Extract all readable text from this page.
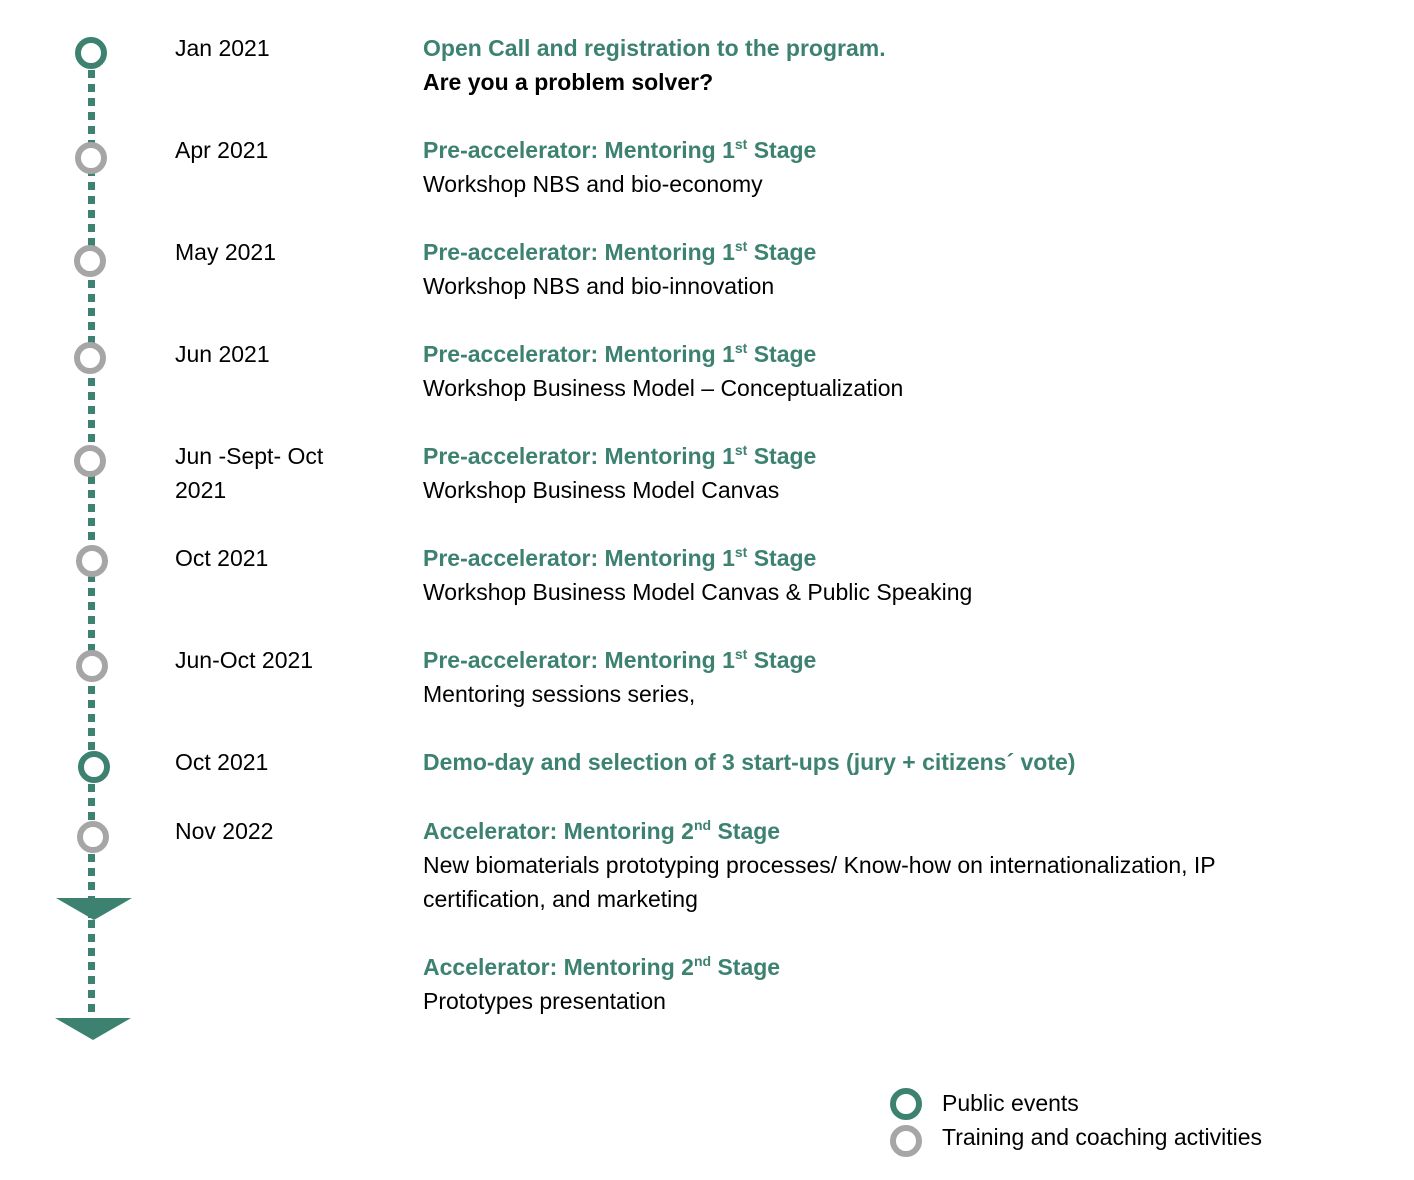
Jan 2021
Apr 2021
May 2021
Jun 2021
Jun -Sept- Oct 2021
Oct 2021
Jun-Oct 2021
Oct 2021
Nov 2022
Open Call and registration to the program.
Are you a problem solver?
Pre-accelerator: Mentoring 1st Stage
Workshop NBS and bio-economy
Pre-accelerator: Mentoring 1st Stage
Workshop NBS and bio-innovation
Pre-accelerator: Mentoring 1st Stage
Workshop Business Model – Conceptualization
Pre-accelerator: Mentoring 1st Stage
Workshop Business Model Canvas
Pre-accelerator: Mentoring 1st Stage
Workshop Business Model Canvas & Public Speaking
Pre-accelerator: Mentoring 1st Stage
Mentoring sessions series,
Demo-day and selection of 3 start-ups (jury + citizens´ vote)
Accelerator: Mentoring 2nd Stage
New biomaterials prototyping processes/ Know-how on internationalization, IP certification, and marketing
Accelerator: Mentoring 2nd Stage
Prototypes presentation
Public events
Training and coaching activities
